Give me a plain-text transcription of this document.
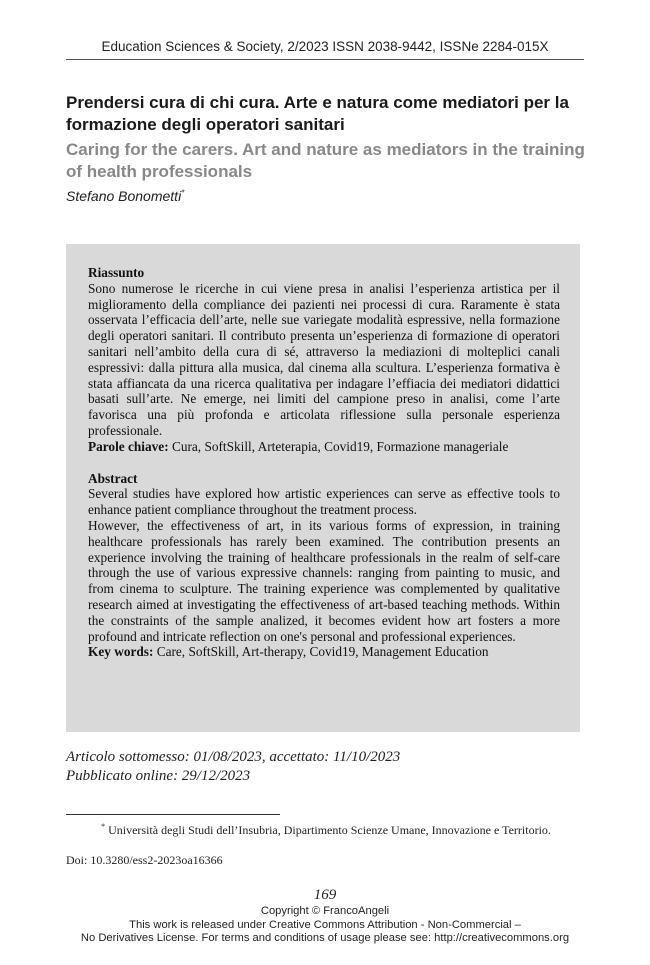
Education Sciences & Society, 2/2023 ISSN 2038-9442, ISSNe 2284-015X
Prendersi cura di chi cura. Arte e natura come mediatori per la formazione degli operatori sanitari
Caring for the carers. Art and nature as mediators in the training of health professionals
Stefano Bonometti*

Riassunto

Sono numerose le ricerche in cui viene presa in analisi l’esperienza artistica per il miglioramento della compliance dei pazienti nei processi di cura. Raramente è stata osservata l’efficacia dell’arte, nelle sue variegate modalità espressive, nella formazione degli operatori sanitari. Il contributo presenta un’esperienza di formazione di operatori sanitari nell’ambito della cura di sé, attraverso la mediazioni di molteplici canali espressivi: dalla pittura alla musica, dal cinema alla scultura. L’esperienza formativa è stata affiancata da una ricerca qualitativa per indagare l’effiacia dei mediatori didattici basati sull’arte. Ne emerge, nei limiti del campione preso in analisi, come l’arte favorisca una più profonda e articolata riflessione sulla personale esperienza professionale.

Parole chiave: Cura, SoftSkill, Arteterapia, Covid19, Formazione manageriale

Abstract

Several studies have explored how artistic experiences can serve as effective tools to enhance patient compliance throughout the treatment process.

However, the effectiveness of art, in its various forms of expression, in training healthcare professionals has rarely been examined. The contribution presents an experience involving the training of healthcare professionals in the realm of self-care through the use of various expressive channels: ranging from painting to music, and from cinema to sculpture. The training experience was complemented by qualitative research aimed at investigating the effectiveness of art-based teaching methods. Within the constraints of the sample analized, it becomes evident how art fosters a more profound and intricate reflection on one's personal and professional experiences.

Key words: Care, SoftSkill, Art-therapy, Covid19, Management Education

Articolo sottomesso: 01/08/2023, accettato: 11/10/2023
Pubblicato online: 29/12/2023
* Università degli Studi dell’Insubria, Dipartimento Scienze Umane, Innovazione e Territorio.
Doi: 10.3280/ess2-2023oa16366
169
Copyright © FrancoAngeli
This work is released under Creative Commons Attribution - Non-Commercial –
No Derivatives License. For terms and conditions of usage please see: http://creativecommons.org
